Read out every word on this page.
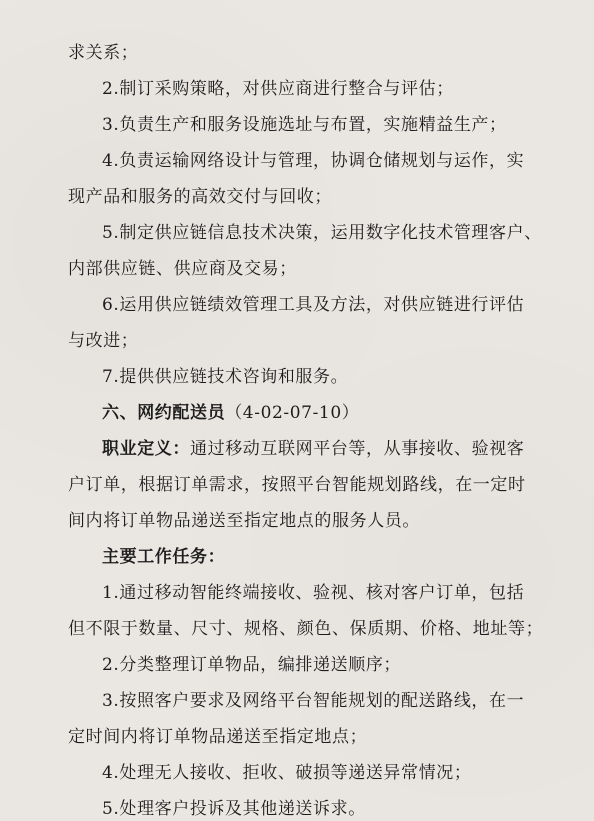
求关系；
2.制订采购策略，对供应商进行整合与评估；
3.负责生产和服务设施选址与布置，实施精益生产；
4.负责运输网络设计与管理，协调仓储规划与运作，实
现产品和服务的高效交付与回收；
5.制定供应链信息技术决策，运用数字化技术管理客户、
内部供应链、供应商及交易；
6.运用供应链绩效管理工具及方法，对供应链进行评估
与改进；
7.提供供应链技术咨询和服务。
六、网约配送员（4-02-07-10）
职业定义：通过移动互联网平台等，从事接收、验视客
户订单，根据订单需求，按照平台智能规划路线，在一定时
间内将订单物品递送至指定地点的服务人员。
主要工作任务：
1.通过移动智能终端接收、验视、核对客户订单，包括
但不限于数量、尺寸、规格、颜色、保质期、价格、地址等；
2.分类整理订单物品，编排递送顺序；
3.按照客户要求及网络平台智能规划的配送路线，在一
定时间内将订单物品递送至指定地点；
4.处理无人接收、拒收、破损等递送异常情况；
5.处理客户投诉及其他递送诉求。
